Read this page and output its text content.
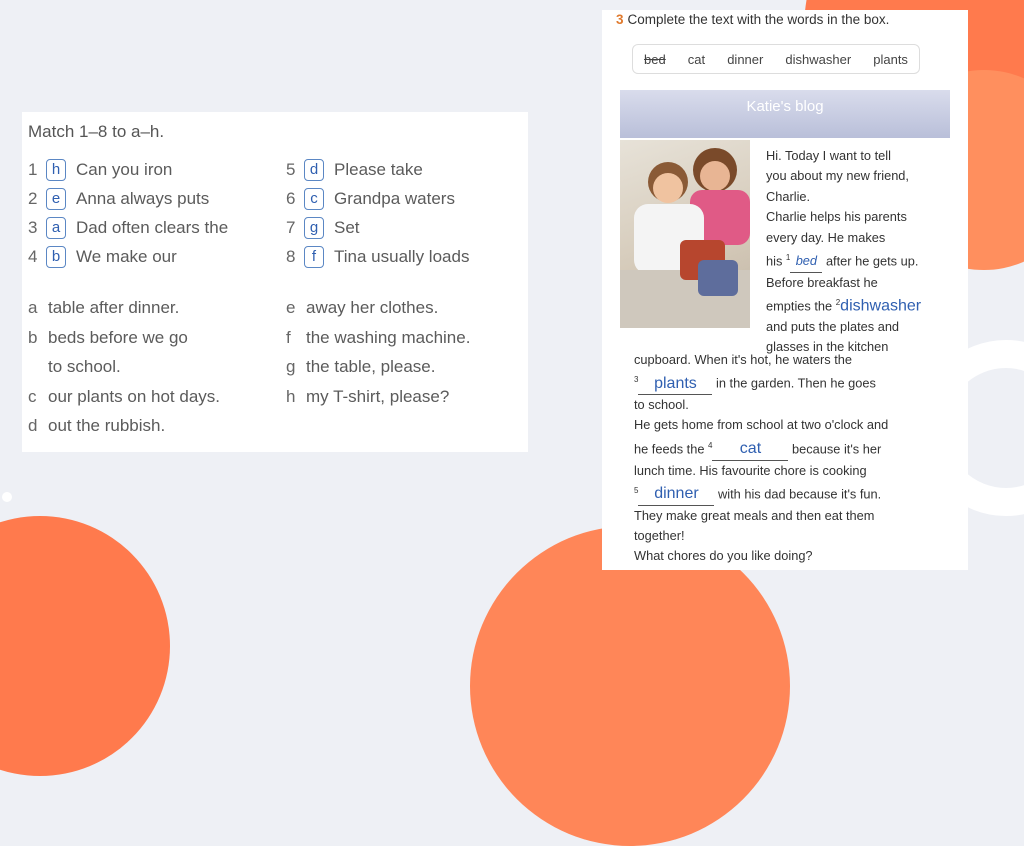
Match 1–8 to a–h.
1 h Can you iron
2 e Anna always puts
3 a Dad often clears the
4 b We make our
5 d Please take
6 c Grandpa waters
7 g Set
8	f	Tina usually loads
a table after dinner.
b beds before we go
to school.
c our plants on hot days.
d out the rubbish.
e away her clothes.
f the washing machine.
g the table, please.
h my T-shirt, please?
3 Complete the text with the words in the box.
bed cat dinner dishwasher plants
Katie's blog
Hi. Today I want to tell
you about my new friend,
Charlie.
Charlie helps his parents
every day. He makes
his $^1$ bed after he gets up.
Before breakfast he
empties the $^2$dishwasher
and puts the plates and
glasses in the kitchen
cupboard. When it's hot, he waters the
$^3$ plants in the garden. Then he goes
to school.
He gets home from school at two o'clock and
he feeds the $^4$ cat because it's her
lunch time. His favourite chore is cooking
$^5$ dinner with his dad because it's fun.
They make great meals and then eat them
together!
What chores do you like doing?
